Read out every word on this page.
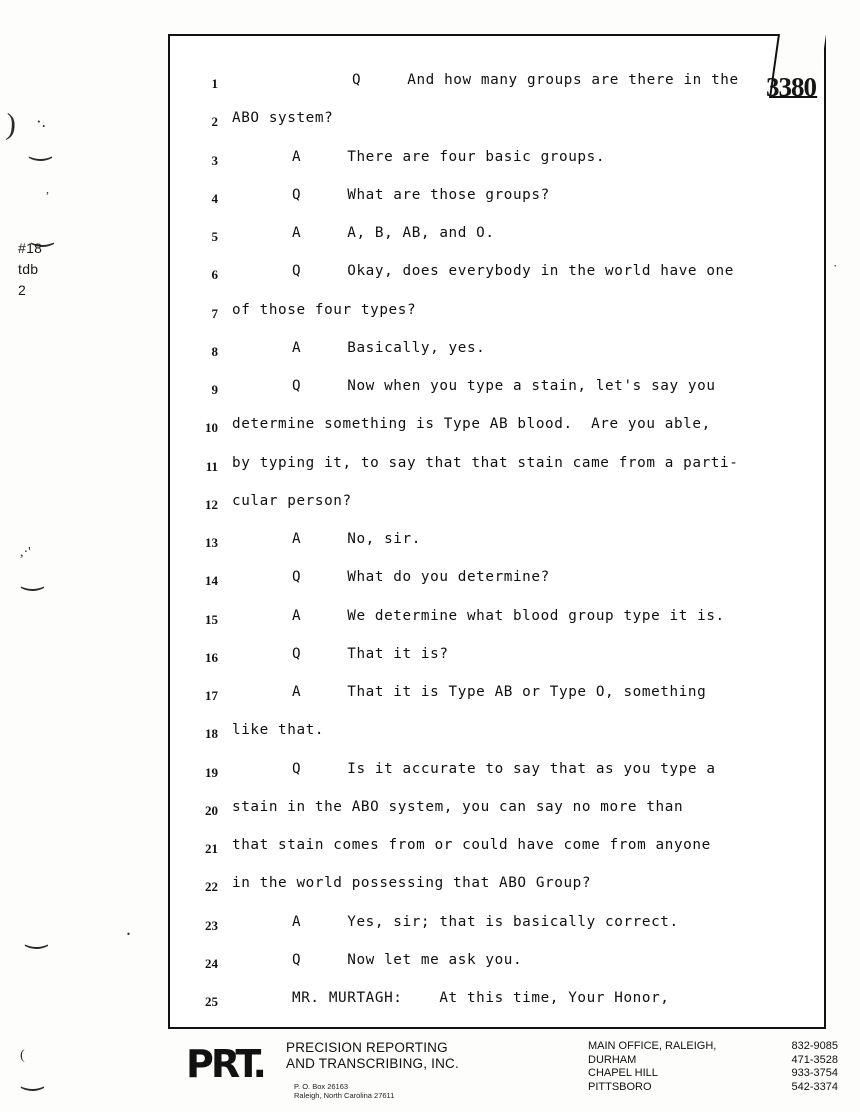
) ·.
‿
,
‿
,·'
‿
‿
(
‿
·
.
#18
tdb
2
3380
1	Q     And how many groups are there in the
2 ABO system?
3	A     There are four basic groups.
4	Q     What are those groups?
5	A     A, B, AB, and O.
6	Q     Okay, does everybody in the world have one
7 of those four types?
8	A     Basically, yes.
9	Q     Now when you type a stain, let's say you
10 determine something is Type AB blood.  Are you able,
11 by typing it, to say that that stain came from a parti-
12 cular person?
13	A     No, sir.
14	Q     What do you determine?
15	A     We determine what blood group type it is.
16	Q     That it is?
17	A     That it is Type AB or Type O, something
18 like that.
19	Q     Is it accurate to say that as you type a
20 stain in the ABO system, you can say no more than
21 that stain comes from or could have come from anyone
22 in the world possessing that ABO Group?
23	A     Yes, sir; that is basically correct.
24	Q     Now let me ask you.
25	MR. MURTAGH:    At this time, Your Honor,
PRT.	PRECISION REPORTING
AND TRANSCRIBING, INC.
P. O. Box 26163
Raleigh, North Carolina 27611
MAIN OFFICE, RALEIGH,	832-9085
DURHAM	471-3528
CHAPEL HILL	933-3754
PITTSBORO	542-3374
